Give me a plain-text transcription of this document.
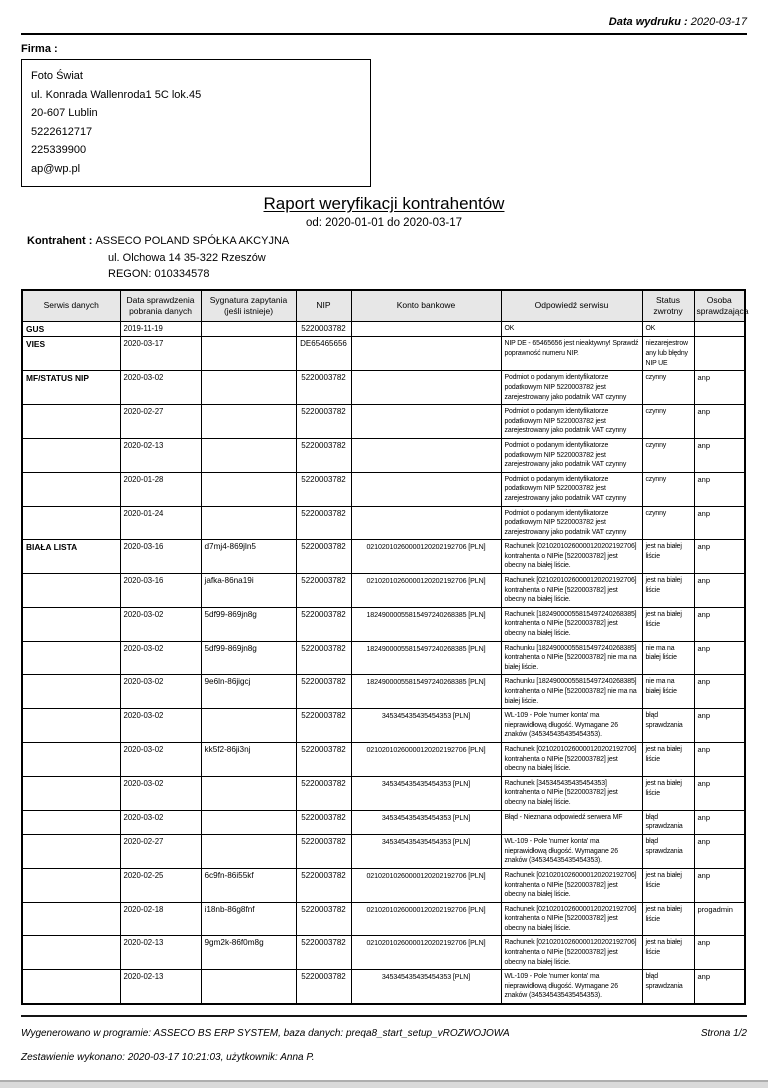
Data wydruku : 2020-03-17
Firma :
Foto Świat
ul. Konrada Wallenroda1 5C lok.45
20-607 Lublin
5222612717
225339900
ap@wp.pl
Raport weryfikacji kontrahentów
od: 2020-01-01 do 2020-03-17
Kontrahent : ASSECO POLAND SPÓŁKA AKCYJNA
ul. Olchowa 14 35-322 Rzeszów
REGON: 010334578
Serwis danych	Data sprawdzenia pobrania danych	Sygnatura zapytania (jeśli istnieje)	NIP	Konto bankowe	Odpowiedź serwisu	Status zwrotny	Osoba sprawdzająca
GUS	2019-11-19		5220003782		OK	OK	
VIES	2020-03-17		DE65465656		NIP DE - 65465656 jest nieaktywny! Sprawdź poprawność numeru NIP.	niezarejestrowany lub błędny NIP UE	
MF/STATUS NIP	2020-03-02		5220003782		Podmiot o podanym identyfikatorze podatkowym NIP 5220003782 jest zarejestrowany jako podatnik VAT czynny	czynny	anp
	2020-02-27		5220003782		Podmiot o podanym identyfikatorze podatkowym NIP 5220003782 jest zarejestrowany jako podatnik VAT czynny	czynny	anp
	2020-02-13		5220003782		Podmiot o podanym identyfikatorze podatkowym NIP 5220003782 jest zarejestrowany jako podatnik VAT czynny	czynny	anp
	2020-01-28		5220003782		Podmiot o podanym identyfikatorze podatkowym NIP 5220003782 jest zarejestrowany jako podatnik VAT czynny	czynny	anp
	2020-01-24		5220003782		Podmiot o podanym identyfikatorze podatkowym NIP 5220003782 jest zarejestrowany jako podatnik VAT czynny	czynny	anp
BIAŁA LISTA	2020-03-16	d7mj4-869jln5	5220003782	02102010260000120202192706 [PLN]	Rachunek [02102010260000120202192706] kontrahenta o NIPie [5220003782] jest obecny na białej liście.	jest na białej liście	anp
	2020-03-16	jafka-86na19i	5220003782	02102010260000120202192706 [PLN]	Rachunek [02102010260000120202192706] kontrahenta o NIPie [5220003782] jest obecny na białej liście.	jest na białej liście	anp
	2020-03-02	5df99-869jn8g	5220003782	18249000055815497240268385 [PLN]	Rachunek [18249000055815497240268385] kontrahenta o NIPie [5220003782] jest obecny na białej liście.	jest na białej liście	anp
	2020-03-02	5df99-869jn8g	5220003782	18249000055815497240268385 [PLN]	Rachunku [18249000055815497240268385] kontrahenta o NIPie [5220003782] nie ma na białej liście.	nie ma na białej liście	anp
	2020-03-02	9e6ln-86jigcj	5220003782	18249000055815497240268385 [PLN]	Rachunku [18249000055815497240268385] kontrahenta o NIPie [5220003782] nie ma na białej liście.	nie ma na białej liście	anp
	2020-03-02		5220003782	345345435435454353 [PLN]	WL-109 - Pole 'numer konta' ma nieprawidłową długość. Wymagane 26 znaków (345345435435454353).	błąd sprawdzania	anp
	2020-03-02	kk5f2-86ji3nj	5220003782	02102010260000120202192706 [PLN]	Rachunek [02102010260000120202192706] kontrahenta o NIPie [5220003782] jest obecny na białej liście.	jest na białej liście	anp
	2020-03-02		5220003782	345345435435454353 [PLN]	Rachunek [345345435435454353] kontrahenta o NIPie [5220003782] jest obecny na białej liście.	jest na białej liście	anp
	2020-03-02		5220003782	345345435435454353 [PLN]	Błąd - Nieznana odpowiedź serwera MF	błąd sprawdzania	anp
	2020-02-27		5220003782	345345435435454353 [PLN]	WL-109 - Pole 'numer konta' ma nieprawidłową długość. Wymagane 26 znaków (345345435435454353).	błąd sprawdzania	anp
	2020-02-25	6c9fn-86i55kf	5220003782	02102010260000120202192706 [PLN]	Rachunek [02102010260000120202192706] kontrahenta o NIPie [5220003782] jest obecny na białej liście.	jest na białej liście	anp
	2020-02-18	i18nb-86g8fnf	5220003782	02102010260000120202192706 [PLN]	Rachunek [02102010260000120202192706] kontrahenta o NIPie [5220003782] jest obecny na białej liście.	jest na białej liście	progadmin
	2020-02-13	9gm2k-86f0m8g	5220003782	02102010260000120202192706 [PLN]	Rachunek [02102010260000120202192706] kontrahenta o NIPie [5220003782] jest obecny na białej liście.	jest na białej liście	anp
	2020-02-13		5220003782	345345435435454353 [PLN]	WL-109 - Pole 'numer konta' ma nieprawidłową długość. Wymagane 26 znaków (345345435435454353).	błąd sprawdzania	anp
Wygenerowano w programie: ASSECO BS ERP SYSTEM, baza danych: preqa8_start_setup_vROZWOJOWA	Strona 1/2
Zestawienie wykonano: 2020-03-17 10:21:03, użytkownik: Anna P.
